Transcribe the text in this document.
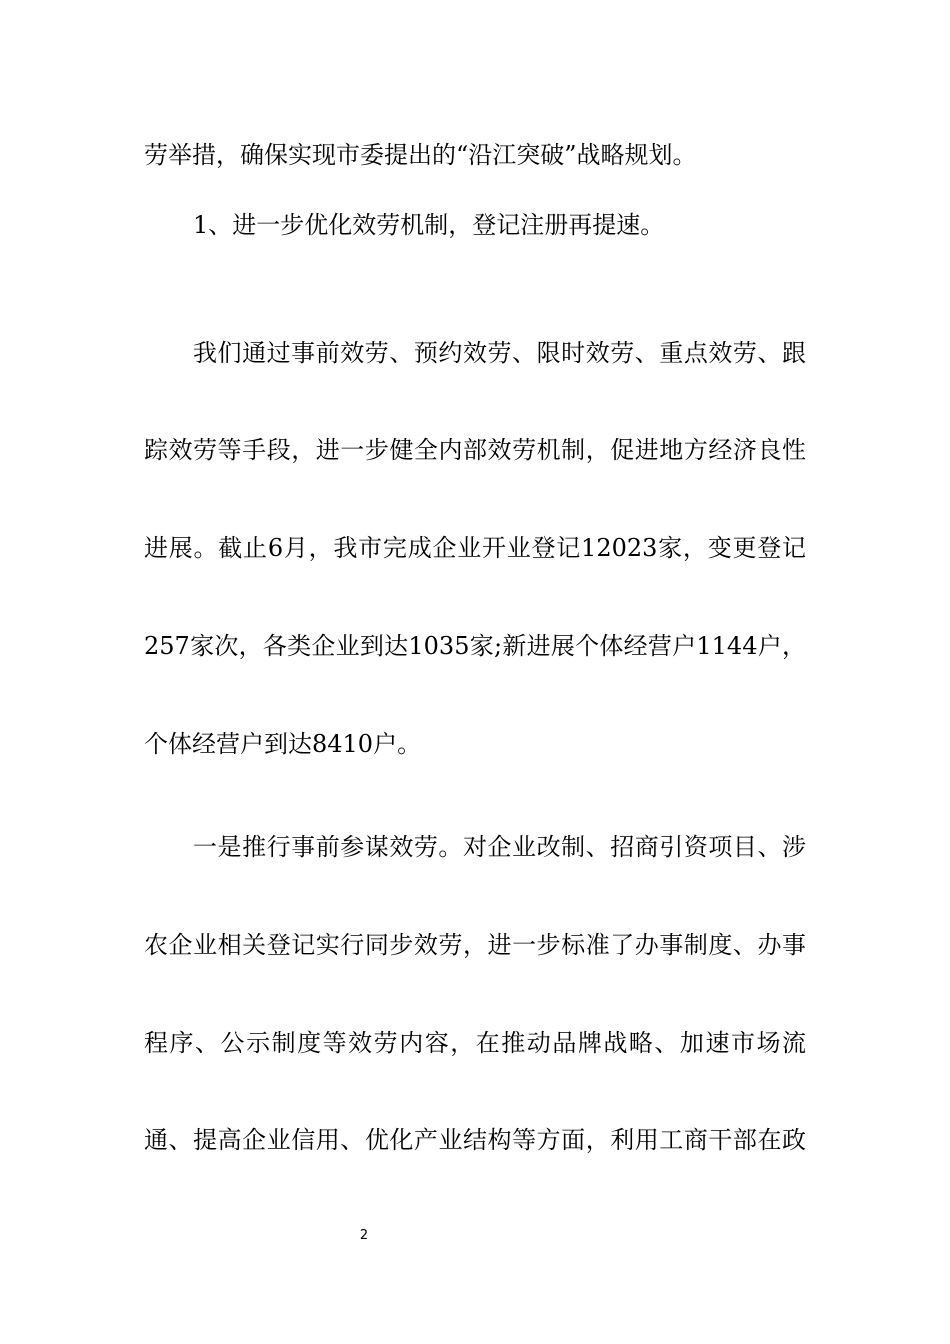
劳举措，确保实现市委提出的“沿江突破”战略规划。
1、进一步优化效劳机制，登记注册再提速。
我们通过事前效劳、预约效劳、限时效劳、重点效劳、跟
踪效劳等手段，进一步健全内部效劳机制，促进地方经济良性
进展。截止6月，我市完成企业开业登记12023家，变更登记
257家次，各类企业到达1035家;新进展个体经营户1144户，
个体经营户到达8410户。
一是推行事前参谋效劳。对企业改制、招商引资项目、涉
农企业相关登记实行同步效劳，进一步标准了办事制度、办事
程序、公示制度等效劳内容，在推动品牌战略、加速市场流
通、提高企业信用、优化产业结构等方面，利用工商干部在政
2
